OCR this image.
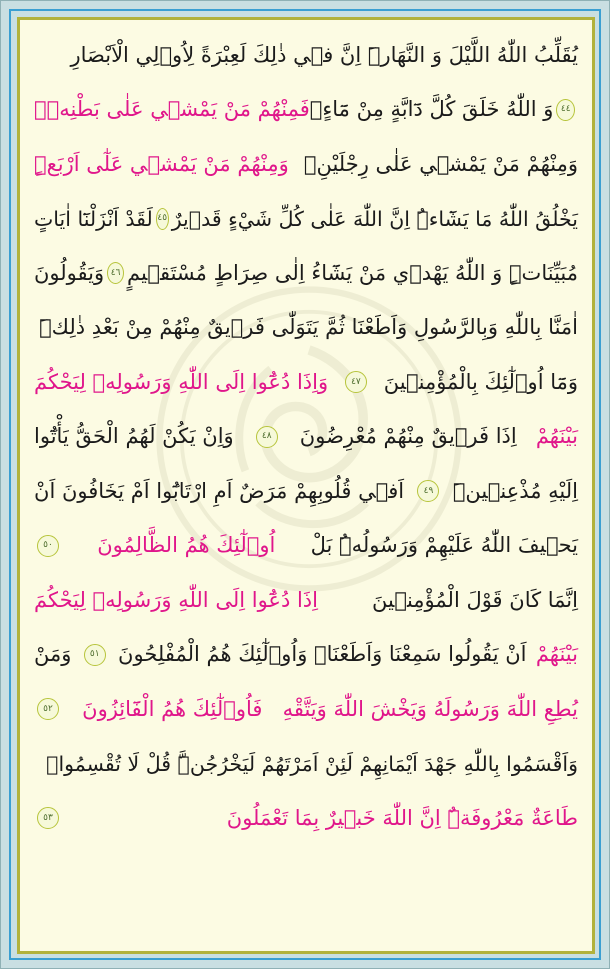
يُقَلِّبُ اللّٰهُ اللَّيْلَ وَ النَّهَارَۜ اِنَّ ف۪ي ذٰلِكَ لَعِبْرَةً لِاُو۬لِي الْاَبْصَارِ
٤٤
وَ اللّٰهُ خَلَقَ كُلَّ دَٓابَّةٍ مِنْ مَٓاءٍۚ
فَمِنْهُمْ مَنْ يَمْش۪ي عَلٰى بَطْنِه۪ۚ
وَمِنْهُمْ مَنْ يَمْش۪ي عَلٰى رِجْلَيْنِۚ
وَمِنْهُمْ مَنْ يَمْش۪ي عَلٰٓى اَرْبَعٍۜ
يَخْلُقُ اللّٰهُ مَا يَشَٓاءُۜ اِنَّ اللّٰهَ عَلٰى كُلِّ شَيْءٍ قَد۪يرٌ
٤٥
لَقَدْ اَنْزَلْنَٓا اٰيَاتٍ
مُبَيِّنَاتٍۜ وَ اللّٰهُ يَهْد۪ي مَنْ يَشَٓاءُ اِلٰى صِرَاطٍ مُسْتَق۪يمٍ
٤٦
وَيَقُولُونَ
اٰمَنَّا بِاللّٰهِ وَبِالرَّسُولِ وَاَطَعْنَا ثُمَّ يَتَوَلّٰى فَر۪يقٌ مِنْهُمْ مِنْ بَعْدِ ذٰلِكَۜ
وَمَٓا اُو۬لٰٓئِكَ بِالْمُؤْمِن۪ينَ
٤٧
وَاِذَا دُعُٓوا اِلَى اللّٰهِ وَرَسُولِه۪ لِيَحْكُمَ
بَيْنَهُمْ
اِذَا فَر۪يقٌ مِنْهُمْ مُعْرِضُونَ
٤٨
وَاِنْ يَكُنْ لَهُمُ الْحَقُّ يَأْتُٓوا
اِلَيْهِ مُذْعِن۪ينَۜ
٤٩
اَف۪ي قُلُوبِهِمْ مَرَضٌ اَمِ ارْتَابُٓوا اَمْ يَخَافُونَ اَنْ
يَح۪يفَ اللّٰهُ عَلَيْهِمْ وَرَسُولُهُۜ بَلْ
اُو۬لٰٓئِكَ هُمُ الظَّالِمُونَ
٥٠
اِنَّمَا كَانَ قَوْلَ الْمُؤْمِن۪ينَ
اِذَا دُعُٓوا اِلَى اللّٰهِ وَرَسُولِه۪ لِيَحْكُمَ
بَيْنَهُمْ
اَنْ يَقُولُوا سَمِعْنَا وَاَطَعْنَاۜ وَاُو۬لٰٓئِكَ هُمُ الْمُفْلِحُونَ
٥١
وَمَنْ
يُطِعِ اللّٰهَ وَرَسُولَهُ وَيَخْشَ اللّٰهَ وَيَتَّقْهِ
فَاُو۬لٰٓئِكَ هُمُ الْفَٓائِزُونَ
٥٢
وَاَقْسَمُوا بِاللّٰهِ جَهْدَ اَيْمَانِهِمْ لَئِنْ اَمَرْتَهُمْ لَيَخْرُجُنَّۜ قُلْ لَا تُقْسِمُواۚ
طَاعَةٌ مَعْرُوفَةٌۜ اِنَّ اللّٰهَ خَب۪يرٌ بِمَا تَعْمَلُونَ
٥٣
